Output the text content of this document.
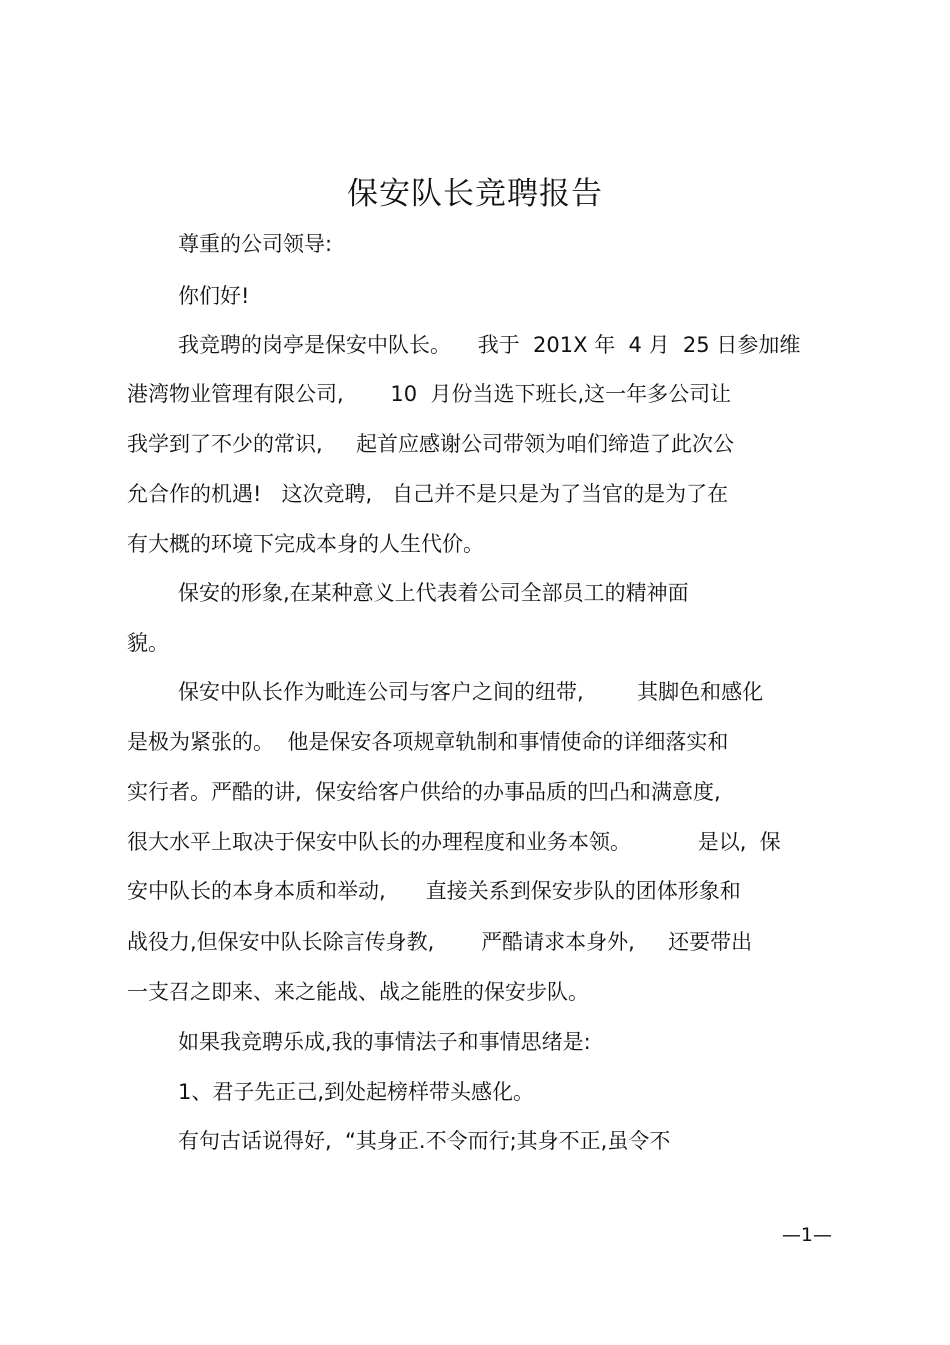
保安队长竞聘报告
尊重的公司领导:
你们好!
我竞聘的岗亭是保安中队长。    我于  201X 年  4 月  25 日参加维
港湾物业管理有限公司,       10  月份当选下班长,这一年多公司让
我学到了不少的常识,     起首应感谢公司带领为咱们缔造了此次公
允合作的机遇!   这次竞聘,   自己并不是只是为了当官的是为了在
有大概的环境下完成本身的人生代价。
保安的形象,在某种意义上代表着公司全部员工的精神面
貌。
保安中队长作为毗连公司与客户之间的纽带,        其脚色和感化
是极为紧张的。  他是保安各项规章轨制和事情使命的详细落实和
实行者。严酷的讲,  保安给客户供给的办事品质的凹凸和满意度,
很大水平上取决于保安中队长的办理程度和业务本领。          是以,  保
安中队长的本身本质和举动,      直接关系到保安步队的团体形象和
战役力,但保安中队长除言传身教,       严酷请求本身外,     还要带出
一支召之即来、来之能战、战之能胜的保安步队。
如果我竞聘乐成,我的事情法子和事情思绪是:
1、君子先正己,到处起榜样带头感化。
有句古话说得好,  “其身正.不令而行;其身不正,虽令不
—1—
